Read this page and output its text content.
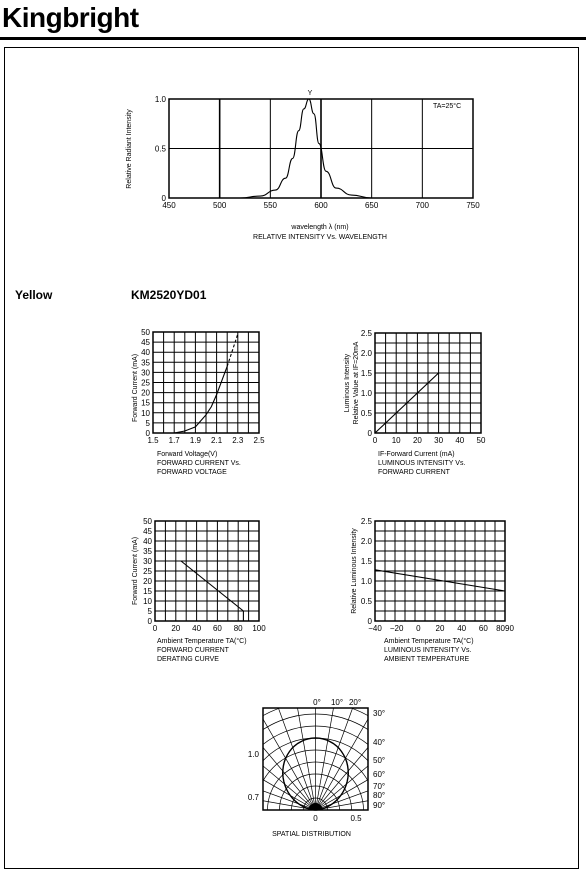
Kingbright
Yellow	KM2520YD01
450	500	550	600	650	700	750
0
0.5
1.0
Y
TA=25°C
wavelength λ (nm)
RELATIVE INTENSITY Vs. WAVELENGTH
Relative Radiant Intensity
1.5 1.7 1.9 2.1 2.3 2.5
0
5
10
15
20
25
30
35
40
45
50
Forward Voltage(V)
FORWARD CURRENT Vs.
FORWARD VOLTAGE
Forward Current (mA)
0 10 20 30 40 50
0
0.5
1.0
1.5
2.0
2.5
IF-Forward Current (mA)
LUMINOUS INTENSITY Vs.
FORWARD CURRENT
Luminous Intensity Relative Value at IF=20mA
0 20 40 60 80 100
0
5
10
15
20
25
30
35
40
45
50
Ambient Temperature TA(°C)
FORWARD CURRENT
DERATING CURVE
Forward Current (mA)
−40 −20 0 20 40 60 8090
0
0.5
1.0
1.5
2.0
2.5
Ambient Temperature TA(°C)
LUMINOUS INTENSITY Vs.
AMBIENT TEMPERATURE
Relative Luminous Intensity
0° 10° 20°
30°
40°
50°
60°
70°
80°
90°
1.0
0.7
0	0.5
SPATIAL DISTRIBUTION
